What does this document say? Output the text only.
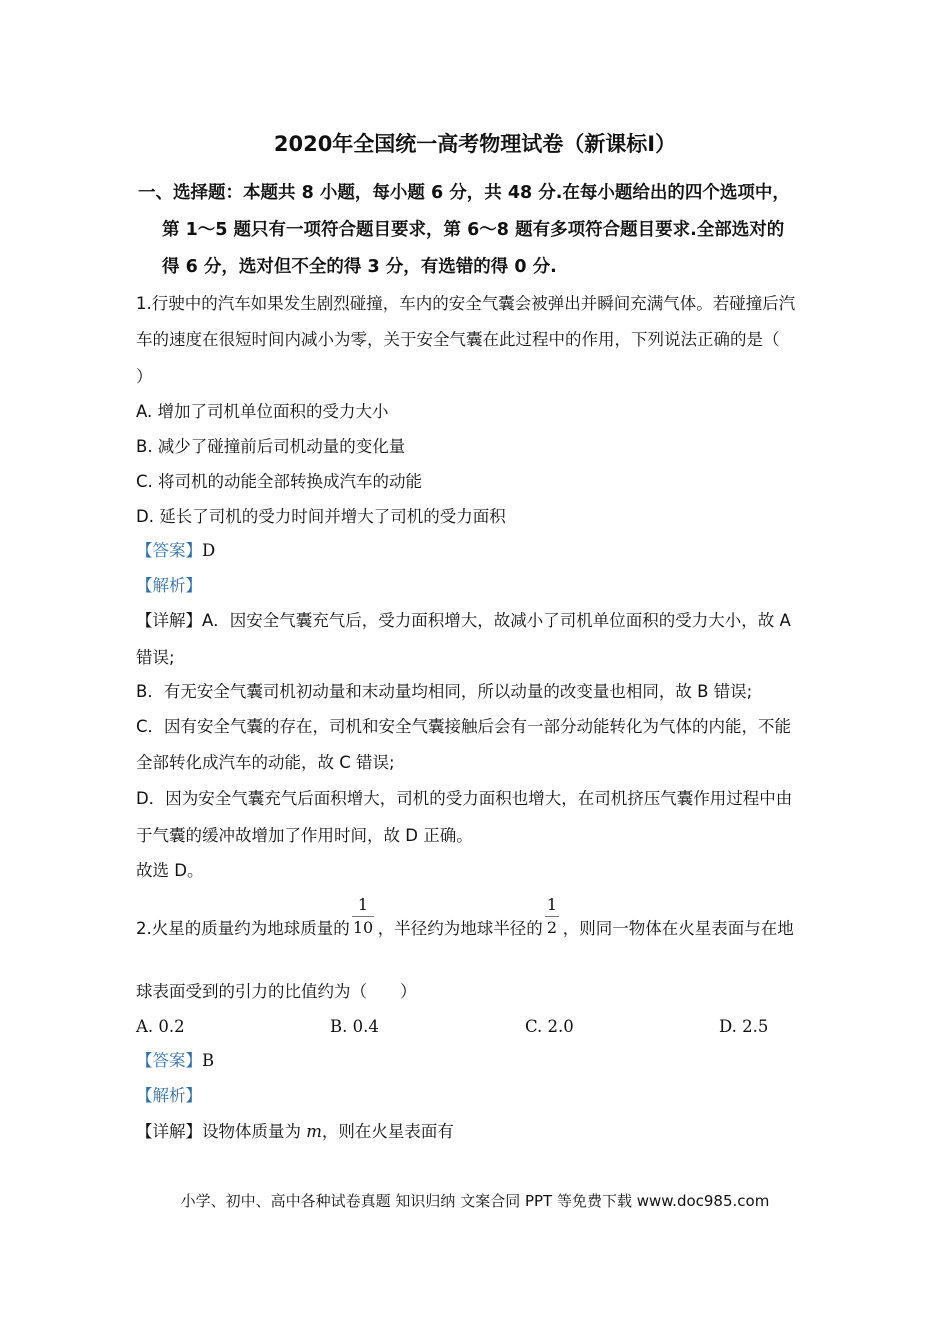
2020年全国统一高考物理试卷（新课标I）
一、选择题：本题共 8 小题，每小题 6 分，共 48 分.在每小题给出的四个选项中，
第 1～5 题只有一项符合题目要求，第 6～8 题有多项符合题目要求.全部选对的
得 6 分，选对但不全的得 3 分，有选错的得 0 分.
1.行驶中的汽车如果发生剧烈碰撞，车内的安全气囊会被弹出并瞬间充满气体。若碰撞后汽
车的速度在很短时间内减小为零，关于安全气囊在此过程中的作用，下列说法正确的是（
）
A. 增加了司机单位面积的受力大小
B. 减少了碰撞前后司机动量的变化量
C. 将司机的动能全部转换成汽车的动能
D. 延长了司机的受力时间并增大了司机的受力面积
【答案】D
【解析】
【详解】A．因安全气囊充气后，受力面积增大，故减小了司机单位面积的受力大小，故 A
错误;
B．有无安全气囊司机初动量和末动量均相同，所以动量的改变量也相同，故 B 错误;
C．因有安全气囊的存在，司机和安全气囊接触后会有一部分动能转化为气体的内能，不能
全部转化成汽车的动能，故 C 错误;
D．因为安全气囊充气后面积增大，司机的受力面积也增大，在司机挤压气囊作用过程中由
于气囊的缓冲故增加了作用时间，故 D 正确。
故选 D。
2.火星的质量约为地球质量的 ，半径约为地球半径的 ，则同一物体在火星表面与在地
1
10
1
2
球表面受到的引力的比值约为（　　）
A. 0.2	B. 0.4	C. 2.0	D. 2.5
【答案】B
【解析】
【详解】设物体质量为 m，则在火星表面有
小学、初中、高中各种试卷真题 知识归纳 文案合同 PPT 等免费下载 www.doc985.com
